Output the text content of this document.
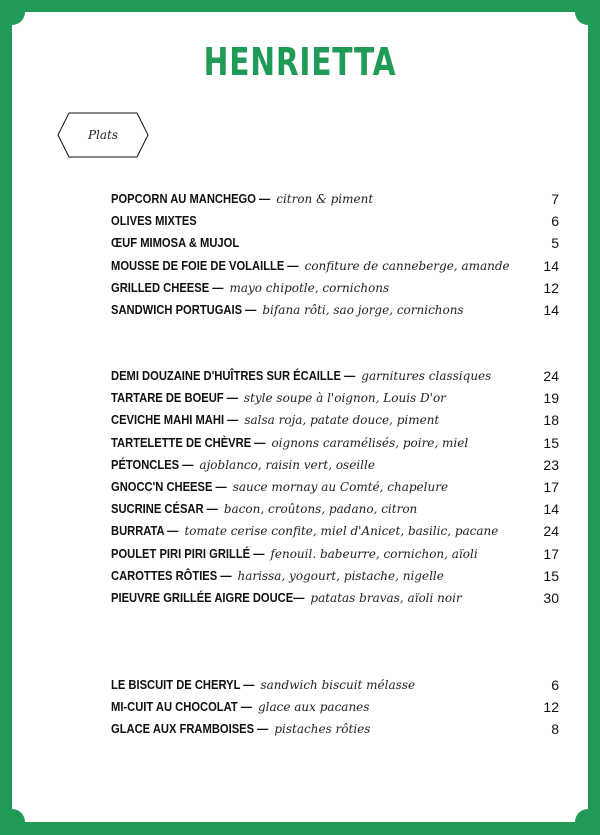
HENRIETTA
Plats
POPCORN AU MANCHEGO — citron & piment	7
OLIVES MIXTES	6
ŒUF MIMOSA & MUJOL	5
MOUSSE DE FOIE DE VOLAILLE — confiture de canneberge, amande 14
GRILLED CHEESE — mayo chipotle, cornichons	12
SANDWICH PORTUGAIS — bifana rôti, sao jorge, cornichons	14
DEMI DOUZAINE D'HUÎTRES SUR ÉCAILLE — garnitures classiques	24
TARTARE DE BOEUF — style soupe à l'oignon, Louis D'or	19
CEVICHE MAHI MAHI — salsa roja, patate douce, piment	18
TARTELETTE DE CHÈVRE — oignons caramélisés, poire, miel	15
PÉTONCLES — ajoblanco, raisin vert, oseille	23
GNOCC'N CHEESE — sauce mornay au Comté, chapelure	17
SUCRINE CÉSAR — bacon, croûtons, padano, citron	14
BURRATA — tomate cerise confite, miel d'Anicet, basilic, pacane	24
POULET PIRI PIRI GRILLÉ — fenouil. babeurre, cornichon, aïoli	17
CAROTTES RÔTIES — harissa, yogourt, pistache, nigelle	15
PIEUVRE GRILLÉE AIGRE DOUCE— patatas bravas, aïoli noir	30
LE BISCUIT DE CHERYL — sandwich biscuit mélasse	6
MI-CUIT AU CHOCOLAT — glace aux pacanes	12
GLACE AUX FRAMBOISES — pistaches rôties	8
